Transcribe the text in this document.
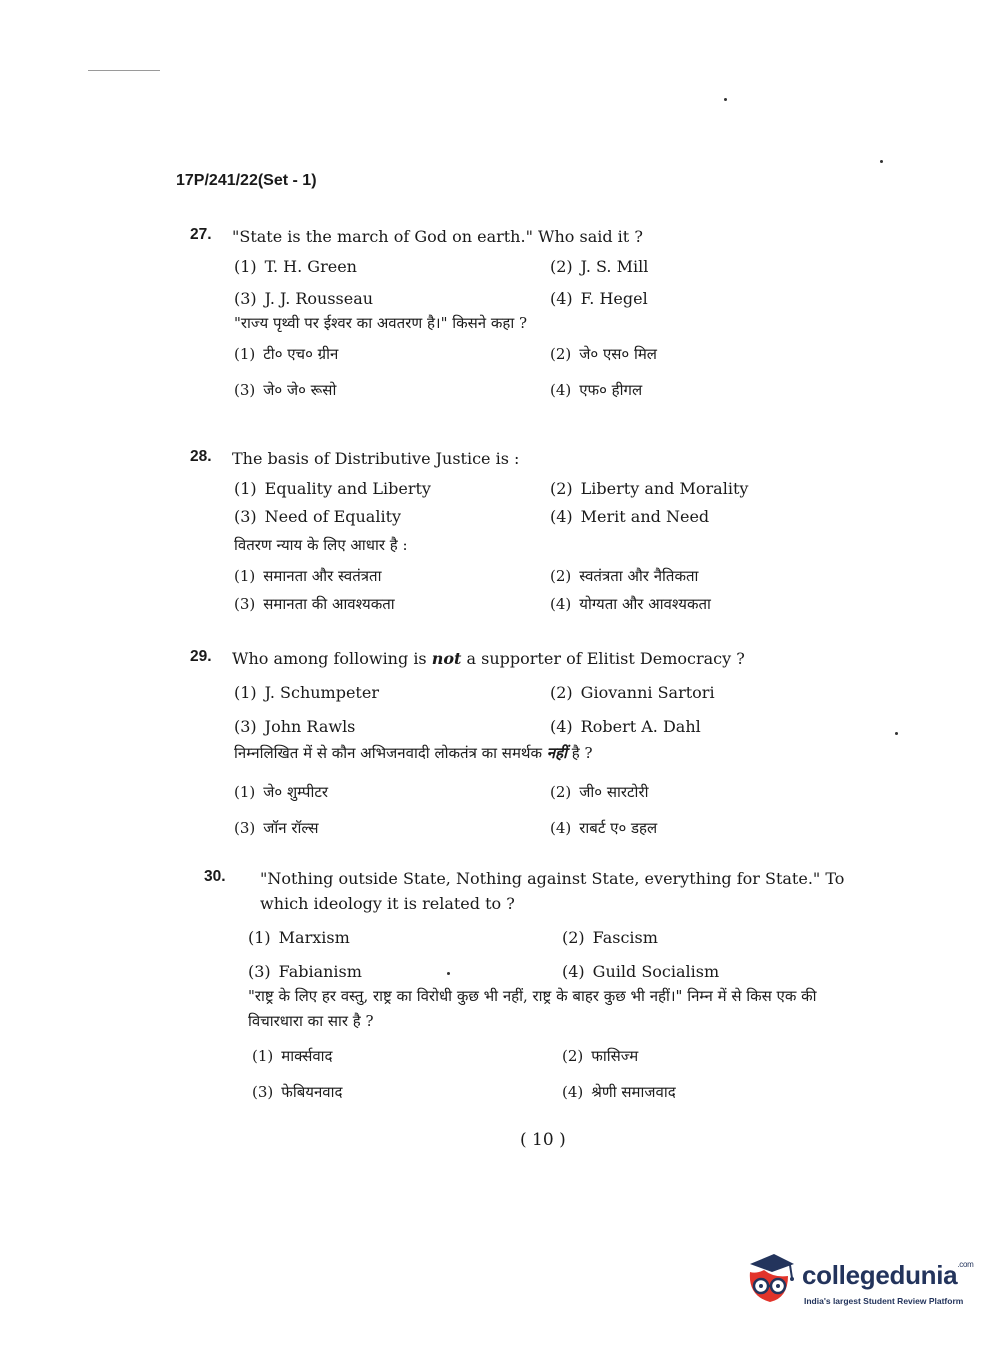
17P/241/22(Set - 1)
27.	"State is the march of God on earth." Who said it ?
(1) T. H. Green	(2) J. S. Mill
(3) J. J. Rousseau	(4) F. Hegel
"राज्य पृथ्वी पर ईश्वर का अवतरण है।" किसने कहा ?
(1) टी० एच० ग्रीन	(2) जे० एस० मिल
(3) जे० जे० रूसो	(4) एफ० हीगल
28.	The basis of Distributive Justice is :
(1) Equality and Liberty	(2) Liberty and Morality
(3) Need of Equality	(4) Merit and Need
वितरण न्याय के लिए आधार है :
(1) समानता और स्वतंत्रता	(2) स्वतंत्रता और नैतिकता
(3) समानता की आवश्यकता	(4) योग्यता और आवश्यकता
29.	Who among following is not a supporter of Elitist Democracy ?
(1) J. Schumpeter	(2) Giovanni Sartori
(3) John Rawls	(4) Robert A. Dahl
निम्नलिखित में से कौन अभिजनवादी लोकतंत्र का समर्थक नहीं है ?
(1) जे० शुम्पीटर	(2) जी० सारटोरी
(3) जॉन रॉल्स	(4) राबर्ट ए० डहल
30.	"Nothing outside State, Nothing against State, everything for State." To which ideology it is related to ?
(1) Marxism	(2) Fascism
(3) Fabianism	(4) Guild Socialism
"राष्ट्र के लिए हर वस्तु, राष्ट्र का विरोधी कुछ भी नहीं, राष्ट्र के बाहर कुछ भी नहीं।" निम्न में से किस एक की विचारधारा का सार है ?
(1) मार्क्सवाद	(2) फासिज्म
(3) फेबियनवाद	(4) श्रेणी समाजवाद
( 10 )
collegedunia$^{.com}$
India's largest Student Review Platform
